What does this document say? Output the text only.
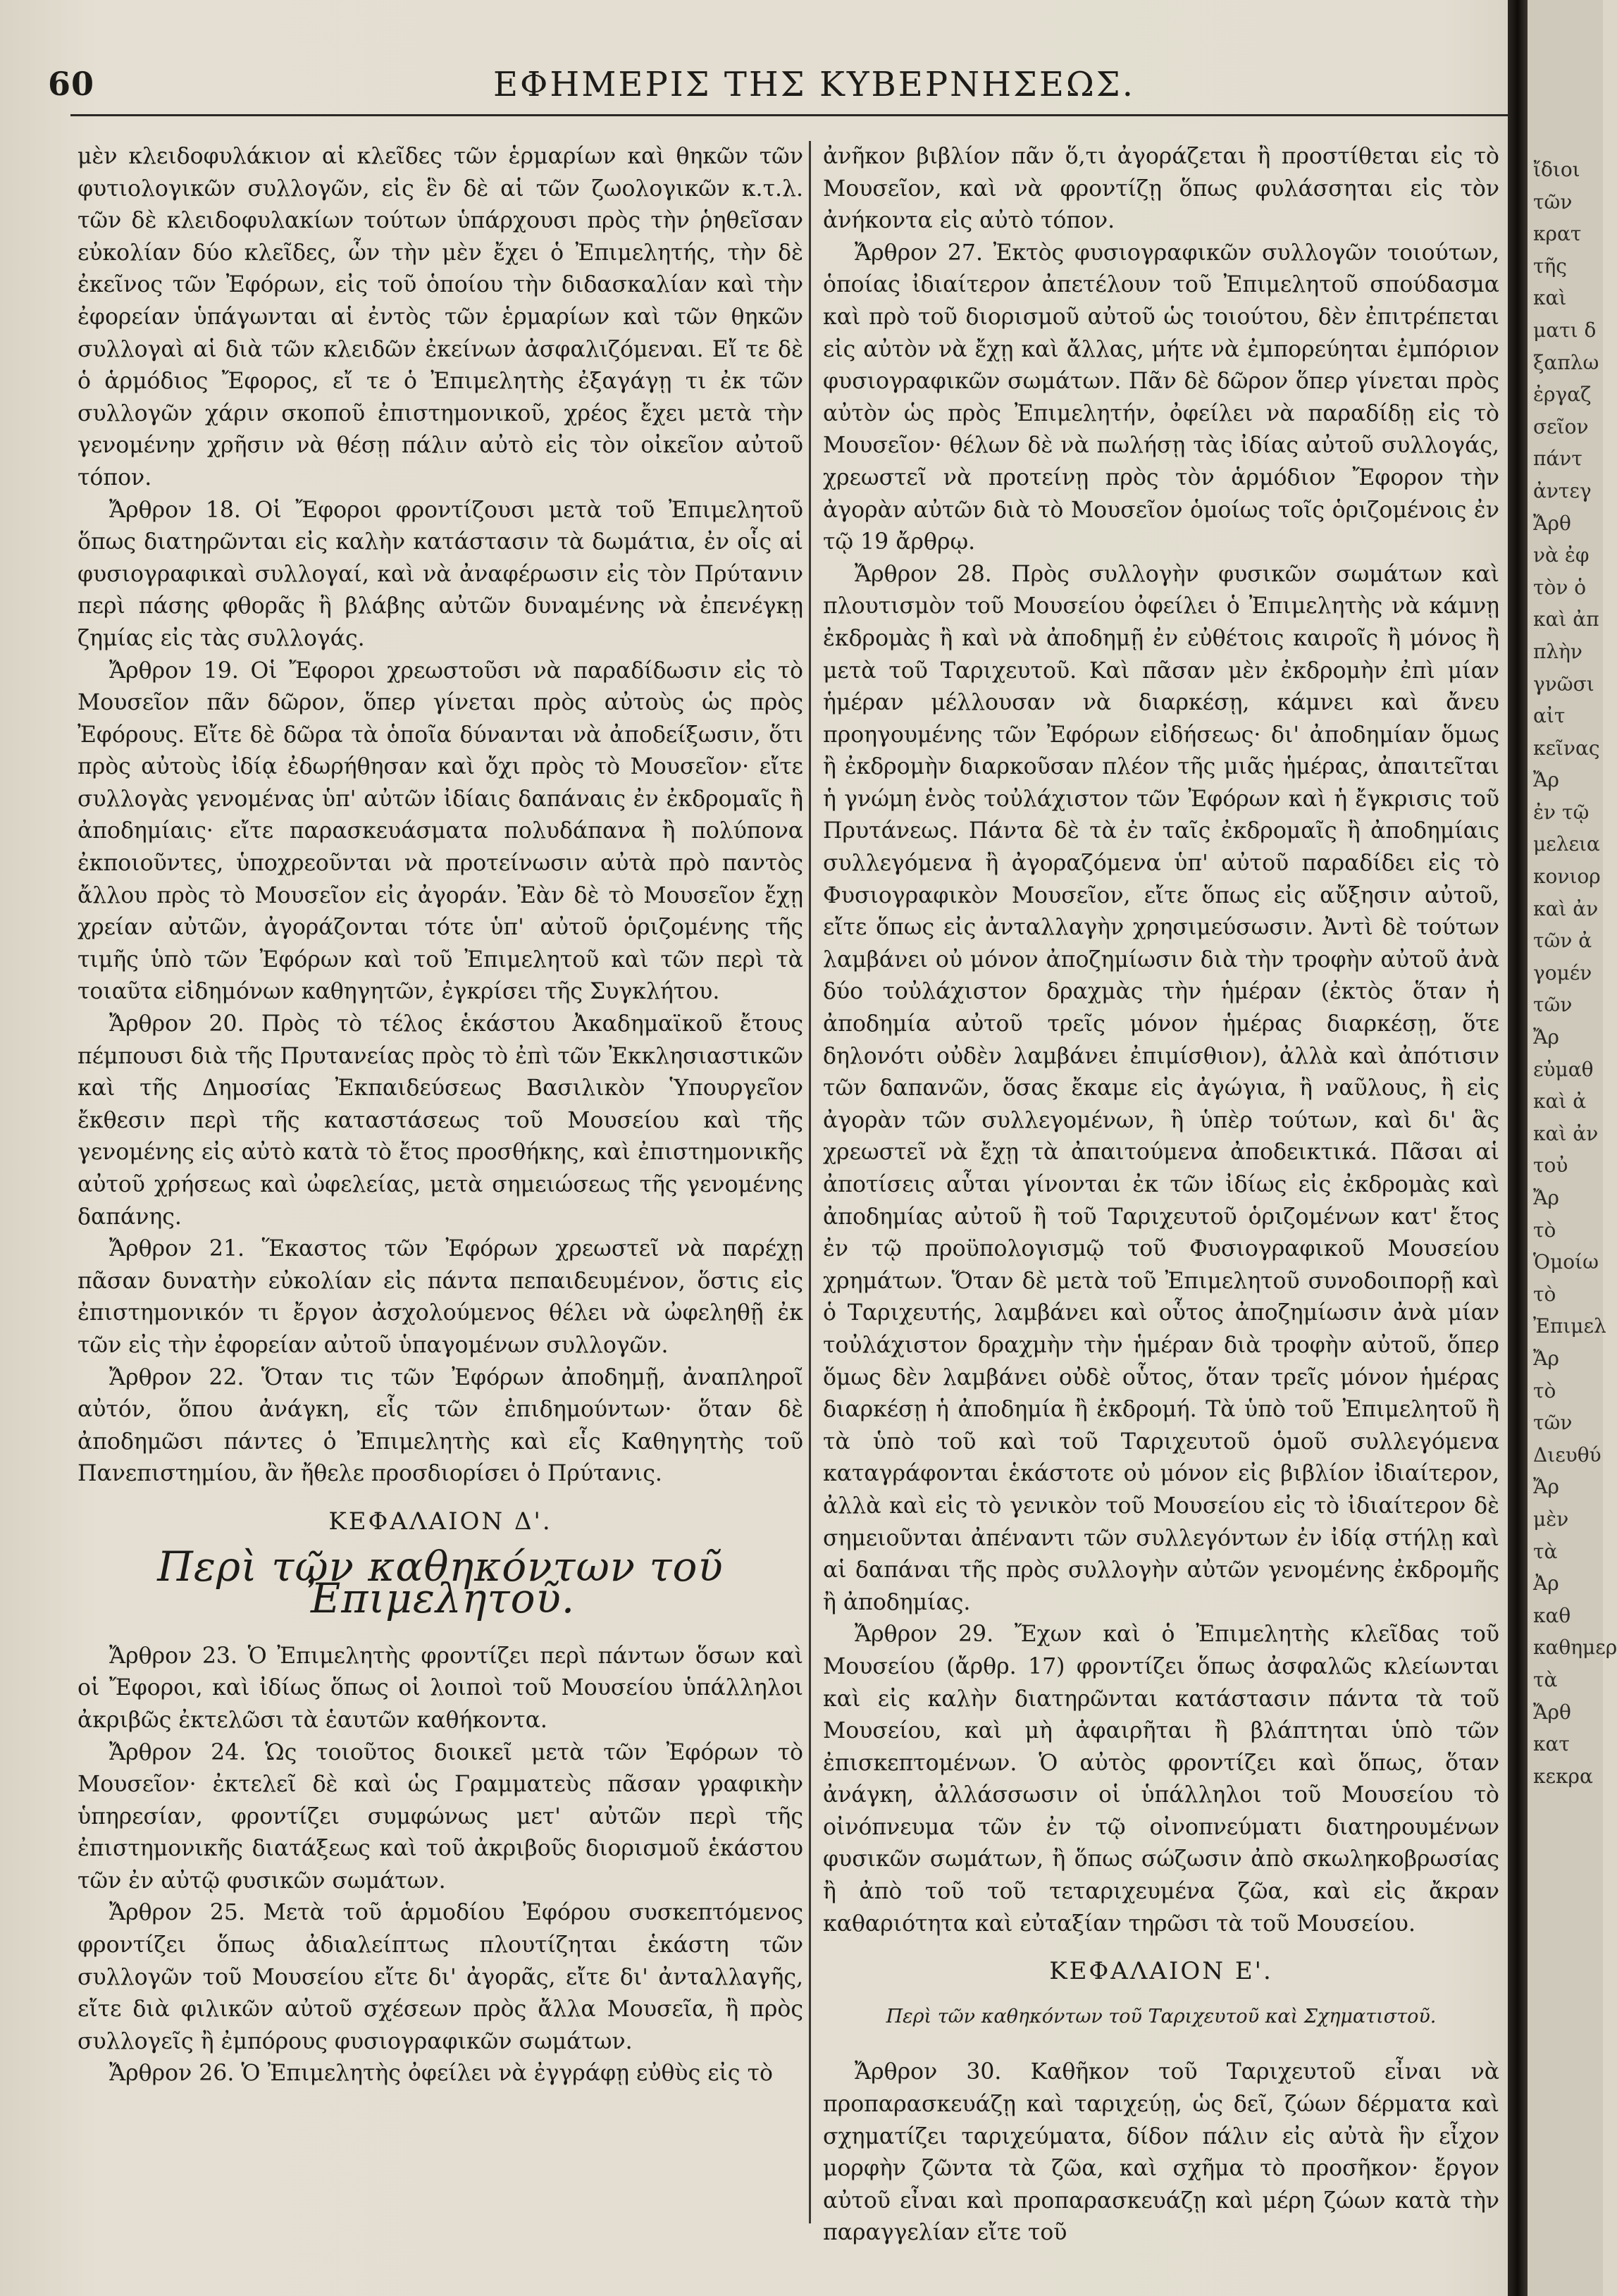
60	ΕΦΗΜΕΡΙΣ ΤΗΣ ΚΥΒΕΡΝΗΣΕΩΣ.

μὲν κλειδοφυλάκιον αἱ κλεῖδες τῶν ἑρμαρίων καὶ θηκῶν τῶν φυτιολογικῶν συλλογῶν, εἰς ἓν δὲ αἱ τῶν ζωολογικῶν κ.τ.λ. τῶν δὲ κλειδοφυλακίων τούτων ὑπάρχουσι πρὸς τὴν ῥηθεῖσαν εὐκολίαν δύο κλεῖδες, ὧν τὴν μὲν ἔχει ὁ Ἐπιμελητής, τὴν δὲ ἐκεῖνος τῶν Ἐφόρων, εἰς τοῦ ὁποίου τὴν διδασκαλίαν καὶ τὴν ἐφορείαν ὑπάγωνται αἱ ἐντὸς τῶν ἑρμαρίων καὶ τῶν θηκῶν συλλογαὶ αἱ διὰ τῶν κλειδῶν ἐκείνων ἀσφαλιζόμεναι. Εἴ τε δὲ ὁ ἁρμόδιος Ἔφορος, εἴ τε ὁ Ἐπιμελητὴς ἐξαγάγῃ τι ἐκ τῶν συλλογῶν χάριν σκοποῦ ἐπιστημονικοῦ, χρέος ἔχει μετὰ τὴν γενομένην χρῆσιν νὰ θέσῃ πάλιν αὐτὸ εἰς τὸν οἰκεῖον αὐτοῦ τόπον.

Ἄρθρον 18. Οἱ Ἔφοροι φροντίζουσι μετὰ τοῦ Ἐπιμελητοῦ ὅπως διατηρῶνται εἰς καλὴν κατάστασιν τὰ δωμάτια, ἐν οἷς αἱ φυσιογραφικαὶ συλλογαί, καὶ νὰ ἀναφέρωσιν εἰς τὸν Πρύτανιν περὶ πάσης φθορᾶς ἢ βλάβης αὐτῶν δυναμένης νὰ ἐπενέγκῃ ζημίας εἰς τὰς συλλογάς.

Ἄρθρον 19. Οἱ Ἔφοροι χρεωστοῦσι νὰ παραδίδωσιν εἰς τὸ Μουσεῖον πᾶν δῶρον, ὅπερ γίνεται πρὸς αὐτοὺς ὡς πρὸς Ἐφόρους. Εἴτε δὲ δῶρα τὰ ὁποῖα δύνανται νὰ ἀποδείξωσιν, ὅτι πρὸς αὐτοὺς ἰδίᾳ ἐδωρήθησαν καὶ ὄχι πρὸς τὸ Μουσεῖον· εἴτε συλλογὰς γενομένας ὑπ' αὐτῶν ἰδίαις δαπάναις ἐν ἐκδρομαῖς ἢ ἀποδημίαις· εἴτε παρασκευάσματα πολυδάπανα ἢ πολύπονα ἐκποιοῦντες, ὑποχρεοῦνται νὰ προτείνωσιν αὐτὰ πρὸ παντὸς ἄλλου πρὸς τὸ Μουσεῖον εἰς ἀγοράν. Ἐὰν δὲ τὸ Μουσεῖον ἔχῃ χρείαν αὐτῶν, ἀγοράζονται τότε ὑπ' αὐτοῦ ὁριζομένης τῆς τιμῆς ὑπὸ τῶν Ἐφόρων καὶ τοῦ Ἐπιμελητοῦ καὶ τῶν περὶ τὰ τοιαῦτα εἰδημόνων καθηγητῶν, ἐγκρίσει τῆς Συγκλήτου.

Ἄρθρον 20. Πρὸς τὸ τέλος ἑκάστου Ἀκαδημαϊκοῦ ἔτους πέμπουσι διὰ τῆς Πρυτανείας πρὸς τὸ ἐπὶ τῶν Ἐκκλησιαστικῶν καὶ τῆς Δημοσίας Ἐκπαιδεύσεως Βασιλικὸν Ὑπουργεῖον ἔκθεσιν περὶ τῆς καταστάσεως τοῦ Μουσείου καὶ τῆς γενομένης εἰς αὐτὸ κατὰ τὸ ἔτος προσθήκης, καὶ ἐπιστημονικῆς αὐτοῦ χρήσεως καὶ ὠφελείας, μετὰ σημειώσεως τῆς γενομένης δαπάνης.

Ἄρθρον 21. Ἕκαστος τῶν Ἐφόρων χρεωστεῖ νὰ παρέχῃ πᾶσαν δυνατὴν εὐκολίαν εἰς πάντα πεπαιδευμένον, ὅστις εἰς ἐπιστημονικόν τι ἔργον ἀσχολούμενος θέλει νὰ ὠφεληθῇ ἐκ τῶν εἰς τὴν ἐφορείαν αὐτοῦ ὑπαγομένων συλλογῶν.

Ἄρθρον 22. Ὅταν τις τῶν Ἐφόρων ἀποδημῇ, ἀναπληροῖ αὐτόν, ὅπου ἀνάγκη, εἷς τῶν ἐπιδημούντων· ὅταν δὲ ἀποδημῶσι πάντες ὁ Ἐπιμελητὴς καὶ εἷς Καθηγητὴς τοῦ Πανεπιστημίου, ἂν ἤθελε προσδιορίσει ὁ Πρύτανις.

ΚΕΦΑΛΑΙΟΝ Δ'.

Περὶ τῶν καθηκόντων τοῦ Ἐπιμελητοῦ.

Ἄρθρον 23. Ὁ Ἐπιμελητὴς φροντίζει περὶ πάντων ὅσων καὶ οἱ Ἔφοροι, καὶ ἰδίως ὅπως οἱ λοιποὶ τοῦ Μουσείου ὑπάλληλοι ἀκριβῶς ἐκτελῶσι τὰ ἑαυτῶν καθήκοντα.

Ἄρθρον 24. Ὡς τοιοῦτος διοικεῖ μετὰ τῶν Ἐφόρων τὸ Μουσεῖον· ἐκτελεῖ δὲ καὶ ὡς Γραμματεὺς πᾶσαν γραφικὴν ὑπηρεσίαν, φροντίζει συμφώνως μετ' αὐτῶν περὶ τῆς ἐπιστημονικῆς διατάξεως καὶ τοῦ ἀκριβοῦς διορισμοῦ ἑκάστου τῶν ἐν αὐτῷ φυσικῶν σωμάτων.

Ἄρθρον 25. Μετὰ τοῦ ἁρμοδίου Ἐφόρου συσκεπτόμενος φροντίζει ὅπως ἀδιαλείπτως πλουτίζηται ἑκάστη τῶν συλλογῶν τοῦ Μουσείου εἴτε δι' ἀγορᾶς, εἴτε δι' ἀνταλλαγῆς, εἴτε διὰ φιλικῶν αὐτοῦ σχέσεων πρὸς ἄλλα Μουσεῖα, ἢ πρὸς συλλογεῖς ἢ ἐμπόρους φυσιογραφικῶν σωμάτων.

Ἄρθρον 26. Ὁ Ἐπιμελητὴς ὀφείλει νὰ ἐγγράφῃ εὐθὺς εἰς τὸ

ἀνῆκον βιβλίον πᾶν ὅ,τι ἀγοράζεται ἢ προστίθεται εἰς τὸ Μουσεῖον, καὶ νὰ φροντίζῃ ὅπως φυλάσσηται εἰς τὸν ἀνήκοντα εἰς αὐτὸ τόπον.

Ἄρθρον 27. Ἐκτὸς φυσιογραφικῶν συλλογῶν τοιούτων, ὁποίας ἰδιαίτερον ἀπετέλουν τοῦ Ἐπιμελητοῦ σπούδασμα καὶ πρὸ τοῦ διορισμοῦ αὐτοῦ ὡς τοιούτου, δὲν ἐπιτρέπεται εἰς αὐτὸν νὰ ἔχῃ καὶ ἄλλας, μήτε νὰ ἐμπορεύηται ἐμπόριον φυσιογραφικῶν σωμάτων. Πᾶν δὲ δῶρον ὅπερ γίνεται πρὸς αὐτὸν ὡς πρὸς Ἐπιμελητήν, ὀφείλει νὰ παραδίδῃ εἰς τὸ Μουσεῖον· θέλων δὲ νὰ πωλήσῃ τὰς ἰδίας αὐτοῦ συλλογάς, χρεωστεῖ νὰ προτείνῃ πρὸς τὸν ἁρμόδιον Ἔφορον τὴν ἀγορὰν αὐτῶν διὰ τὸ Μουσεῖον ὁμοίως τοῖς ὁριζομένοις ἐν τῷ 19 ἄρθρῳ.

Ἄρθρον 28. Πρὸς συλλογὴν φυσικῶν σωμάτων καὶ πλουτισμὸν τοῦ Μουσείου ὀφείλει ὁ Ἐπιμελητὴς νὰ κάμνῃ ἐκδρομὰς ἢ καὶ νὰ ἀποδημῇ ἐν εὐθέτοις καιροῖς ἢ μόνος ἢ μετὰ τοῦ Ταριχευτοῦ. Καὶ πᾶσαν μὲν ἐκδρομὴν ἐπὶ μίαν ἡμέραν μέλλουσαν νὰ διαρκέσῃ, κάμνει καὶ ἄνευ προηγουμένης τῶν Ἐφόρων εἰδήσεως· δι' ἀποδημίαν ὅμως ἢ ἐκδρομὴν διαρκοῦσαν πλέον τῆς μιᾶς ἡμέρας, ἀπαιτεῖται ἡ γνώμη ἑνὸς τοὐλάχιστον τῶν Ἐφόρων καὶ ἡ ἔγκρισις τοῦ Πρυτάνεως. Πάντα δὲ τὰ ἐν ταῖς ἐκδρομαῖς ἢ ἀποδημίαις συλλεγόμενα ἢ ἀγοραζόμενα ὑπ' αὐτοῦ παραδίδει εἰς τὸ Φυσιογραφικὸν Μουσεῖον, εἴτε ὅπως εἰς αὔξησιν αὐτοῦ, εἴτε ὅπως εἰς ἀνταλλαγὴν χρησιμεύσωσιν. Ἀντὶ δὲ τούτων λαμβάνει οὐ μόνον ἀποζημίωσιν διὰ τὴν τροφὴν αὐτοῦ ἀνὰ δύο τοὐλάχιστον δραχμὰς τὴν ἡμέραν (ἐκτὸς ὅταν ἡ ἀποδημία αὐτοῦ τρεῖς μόνον ἡμέρας διαρκέσῃ, ὅτε δηλονότι οὐδὲν λαμβάνει ἐπιμίσθιον), ἀλλὰ καὶ ἀπότισιν τῶν δαπανῶν, ὅσας ἔκαμε εἰς ἀγώγια, ἢ ναῦλους, ἢ εἰς ἀγορὰν τῶν συλλεγομένων, ἢ ὑπὲρ τούτων, καὶ δι' ἃς χρεωστεῖ νὰ ἔχῃ τὰ ἀπαιτούμενα ἀποδεικτικά. Πᾶσαι αἱ ἀποτίσεις αὗται γίνονται ἐκ τῶν ἰδίως εἰς ἐκδρομὰς καὶ ἀποδημίας αὐτοῦ ἢ τοῦ Ταριχευτοῦ ὁριζομένων κατ' ἔτος ἐν τῷ προϋπολογισμῷ τοῦ Φυσιογραφικοῦ Μουσείου χρημάτων. Ὅταν δὲ μετὰ τοῦ Ἐπιμελητοῦ συνοδοιπορῇ καὶ ὁ Ταριχευτής, λαμβάνει καὶ οὗτος ἀποζημίωσιν ἀνὰ μίαν τοὐλάχιστον δραχμὴν τὴν ἡμέραν διὰ τροφὴν αὐτοῦ, ὅπερ ὅμως δὲν λαμβάνει οὐδὲ οὗτος, ὅταν τρεῖς μόνον ἡμέρας διαρκέσῃ ἡ ἀποδημία ἢ ἐκδρομή. Τὰ ὑπὸ τοῦ Ἐπιμελητοῦ ἢ τὰ ὑπὸ τοῦ καὶ τοῦ Ταριχευτοῦ ὁμοῦ συλλεγόμενα καταγράφονται ἑκάστοτε οὐ μόνον εἰς βιβλίον ἰδιαίτερον, ἀλλὰ καὶ εἰς τὸ γενικὸν τοῦ Μουσείου εἰς τὸ ἰδιαίτερον δὲ σημειοῦνται ἀπέναντι τῶν συλλεγόντων ἐν ἰδίᾳ στήλῃ καὶ αἱ δαπάναι τῆς πρὸς συλλογὴν αὐτῶν γενομένης ἐκδρομῆς ἢ ἀποδημίας.

Ἄρθρον 29. Ἔχων καὶ ὁ Ἐπιμελητὴς κλεῖδας τοῦ Μουσείου (ἄρθρ. 17) φροντίζει ὅπως ἀσφαλῶς κλείωνται καὶ εἰς καλὴν διατηρῶνται κατάστασιν πάντα τὰ τοῦ Μουσείου, καὶ μὴ ἀφαιρῆται ἢ βλάπτηται ὑπὸ τῶν ἐπισκεπτομένων. Ὁ αὐτὸς φροντίζει καὶ ὅπως, ὅταν ἀνάγκη, ἀλλάσσωσιν οἱ ὑπάλληλοι τοῦ Μουσείου τὸ οἰνόπνευμα τῶν ἐν τῷ οἰνοπνεύματι διατηρουμένων φυσικῶν σωμάτων, ἢ ὅπως σώζωσιν ἀπὸ σκωληκοβρωσίας ἢ ἀπὸ τοῦ τοῦ τεταριχευμένα ζῶα, καὶ εἰς ἄκραν καθαριότητα καὶ εὐταξίαν τηρῶσι τὰ τοῦ Μουσείου.

ΚΕΦΑΛΑΙΟΝ Ε'.

Περὶ τῶν καθηκόντων τοῦ Ταριχευτοῦ καὶ Σχηματιστοῦ.

Ἄρθρον 30. Καθῆκον τοῦ Ταριχευτοῦ εἶναι νὰ προπαρασκευάζῃ καὶ ταριχεύῃ, ὡς δεῖ, ζώων δέρματα καὶ σχηματίζει ταριχεύματα, δίδον πάλιν εἰς αὐτὰ ἣν εἶχον μορφὴν ζῶντα τὰ ζῶα, καὶ σχῆμα τὸ προσῆκον· ἔργον αὐτοῦ εἶναι καὶ προπαρασκευάζῃ καὶ μέρη ζώων κατὰ τὴν παραγγελίαν εἴτε τοῦ

ἴδιοι τῶν κρατ
τῆς καὶ
ματι δ
ξαπλω
ἐργαζ
σεῖον
πάντ
ἀντεγ
Ἄρθ
νὰ ἐφ
τὸν ὁ
καὶ ἀπ
πλὴν
γνῶσι
αἰτ
κεῖνας
Ἄρ
ἐν τῷ
μελεια
κονιορ
καὶ ἀν
τῶν ἀ
γομέν
τῶν
Ἄρ
εὐμαθ
καὶ ἀ
καὶ ἀν
τοὐ
Ἄρ
τὸ
Ὁμοίω
τὸ
Ἐπιμελ
Ἄρ
τὸ
τῶν
Διευθύ
Ἄρ
μὲν
τὰ
Ἀρ
καθ
καθημερ
τὰ
Ἄρθ
κατ
κεκρα
